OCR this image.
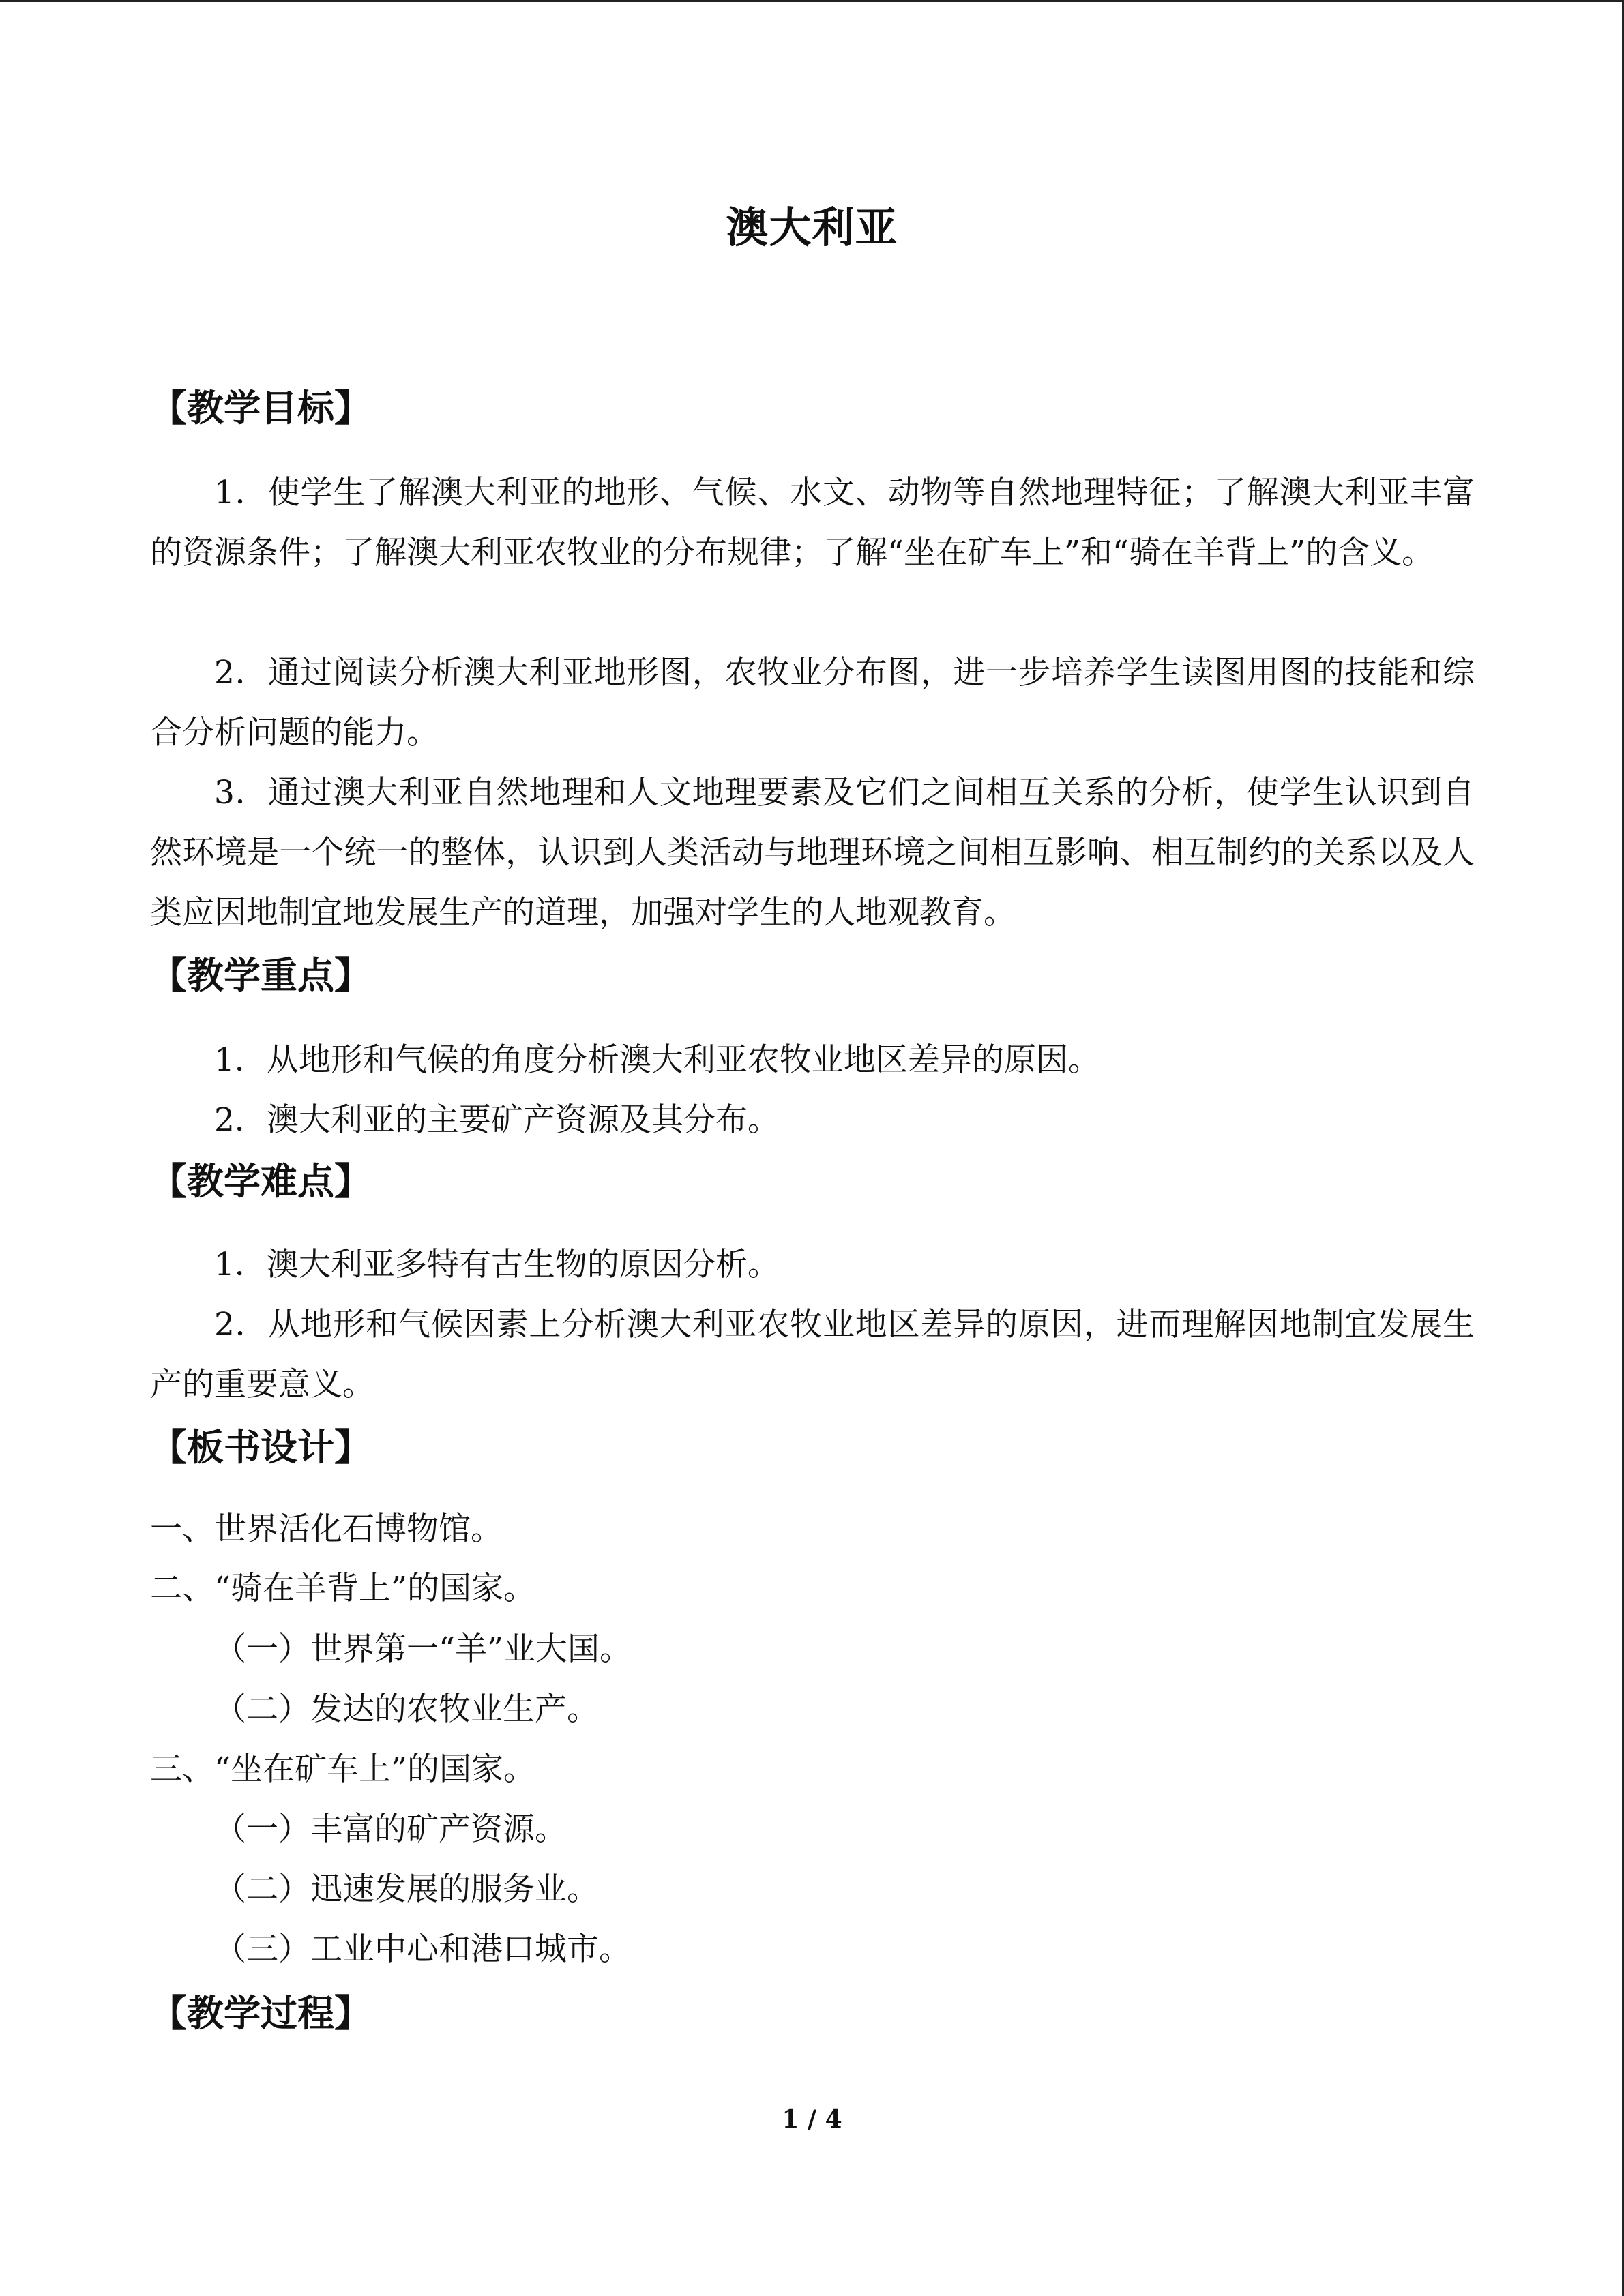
澳大利亚
【教学目标】

1．使学生了解澳大利亚的地形、气候、水文、动物等自然地理特征；了解澳大利亚丰富的资源条件；了解澳大利亚农牧业的分布规律；了解“坐在矿车上”和“骑在羊背上”的含义。

2．通过阅读分析澳大利亚地形图，农牧业分布图，进一步培养学生读图用图的技能和综合分析问题的能力。

3．通过澳大利亚自然地理和人文地理要素及它们之间相互关系的分析，使学生认识到自然环境是一个统一的整体，认识到人类活动与地理环境之间相互影响、相互制约的关系以及人类应因地制宜地发展生产的道理，加强对学生的人地观教育。

【教学重点】

1．从地形和气候的角度分析澳大利亚农牧业地区差异的原因。

2．澳大利亚的主要矿产资源及其分布。

【教学难点】

1．澳大利亚多特有古生物的原因分析。

2．从地形和气候因素上分析澳大利亚农牧业地区差异的原因，进而理解因地制宜发展生产的重要意义。

【板书设计】
一、世界活化石博物馆。
二、“骑在羊背上”的国家。
（一）世界第一“羊”业大国。
（二）发达的农牧业生产。
三、“坐在矿车上”的国家。
（一）丰富的矿产资源。
（二）迅速发展的服务业。
（三）工业中心和港口城市。
【教学过程】
1 / 4
